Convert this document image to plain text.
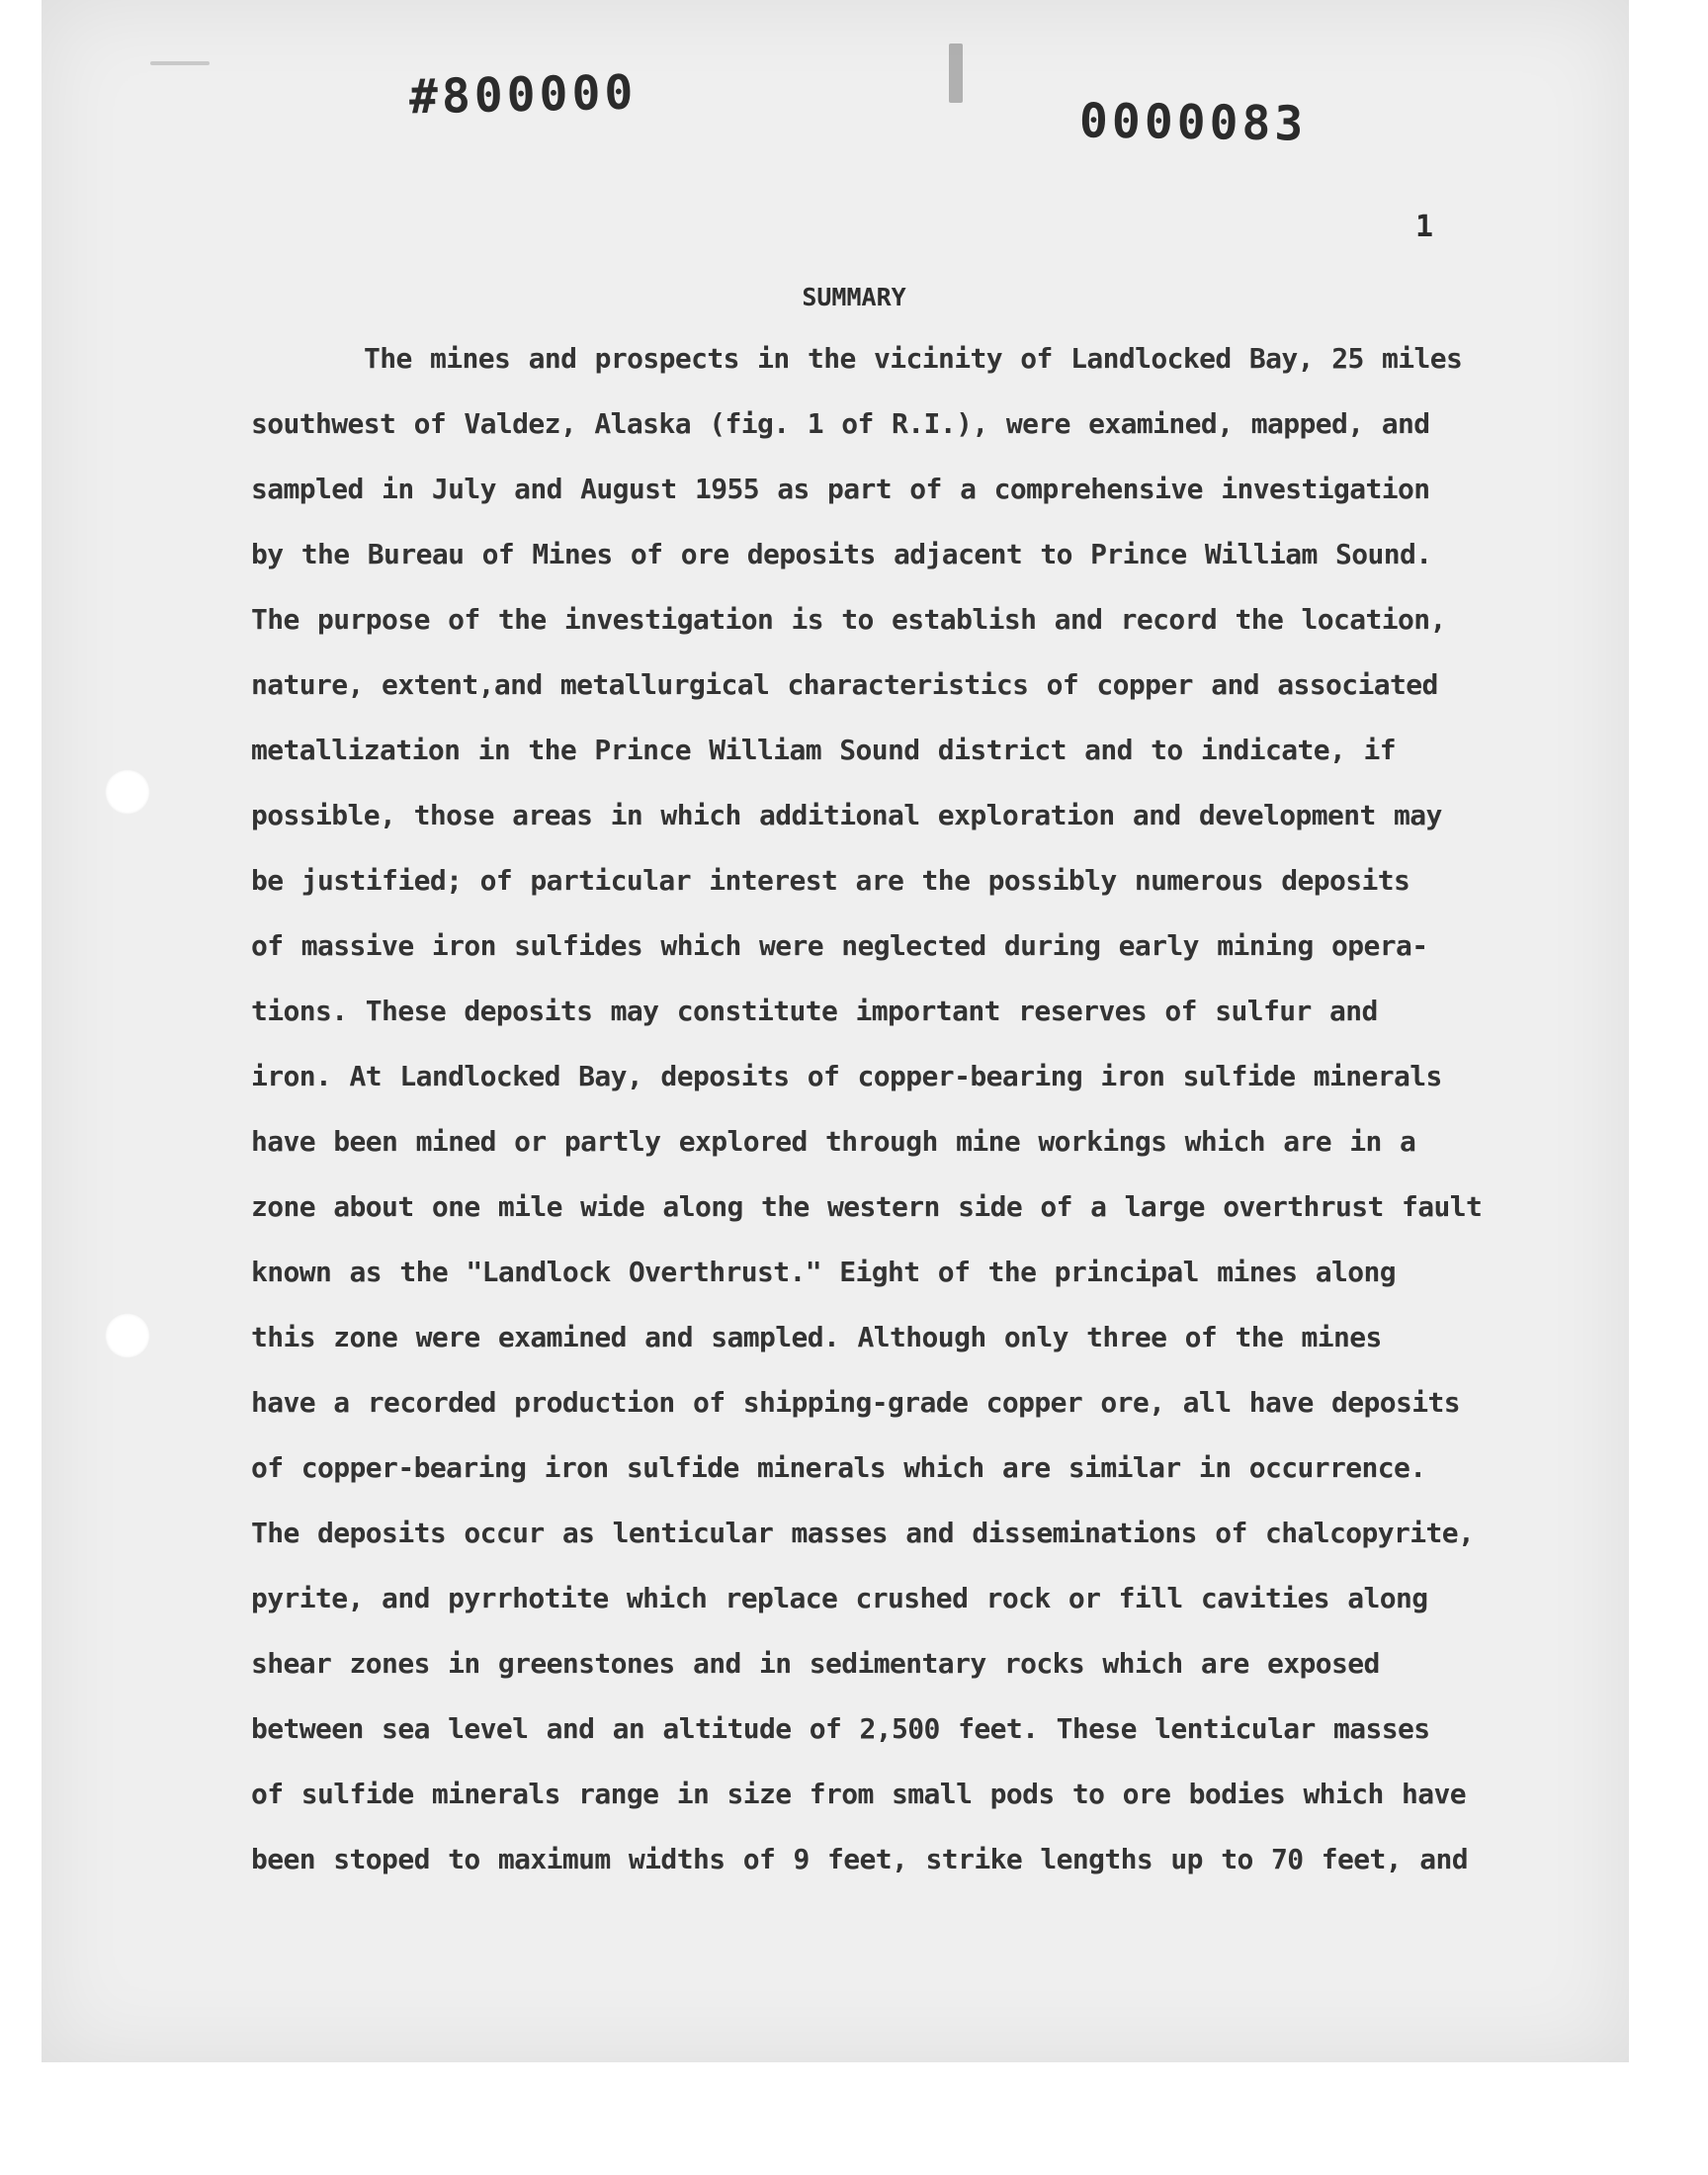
#800000	0000083
1
SUMMARY
The mines and prospects in the vicinity of Landlocked Bay, 25 miles
southwest of Valdez, Alaska (fig. 1 of R.I.), were examined, mapped, and
sampled in July and August 1955 as part of a comprehensive investigation
by the Bureau of Mines of ore deposits adjacent to Prince William Sound.
The purpose of the investigation is to establish and record the location,
nature, extent,and metallurgical characteristics of copper and associated
metallization in the Prince William Sound district and to indicate, if
possible, those areas in which additional exploration and development may
be justified; of particular interest are the possibly numerous deposits
of massive iron sulfides which were neglected during early mining opera-
tions. These deposits may constitute important reserves of sulfur and
iron. At Landlocked Bay, deposits of copper-bearing iron sulfide minerals
have been mined or partly explored through mine workings which are in a
zone about one mile wide along the western side of a large overthrust fault
known as the "Landlock Overthrust." Eight of the principal mines along
this zone were examined and sampled. Although only three of the mines
have a recorded production of shipping-grade copper ore, all have deposits
of copper-bearing iron sulfide minerals which are similar in occurrence.
The deposits occur as lenticular masses and disseminations of chalcopyrite,
pyrite, and pyrrhotite which replace crushed rock or fill cavities along
shear zones in greenstones and in sedimentary rocks which are exposed
between sea level and an altitude of 2,500 feet. These lenticular masses
of sulfide minerals range in size from small pods to ore bodies which have
been stoped to maximum widths of 9 feet, strike lengths up to 70 feet, and
